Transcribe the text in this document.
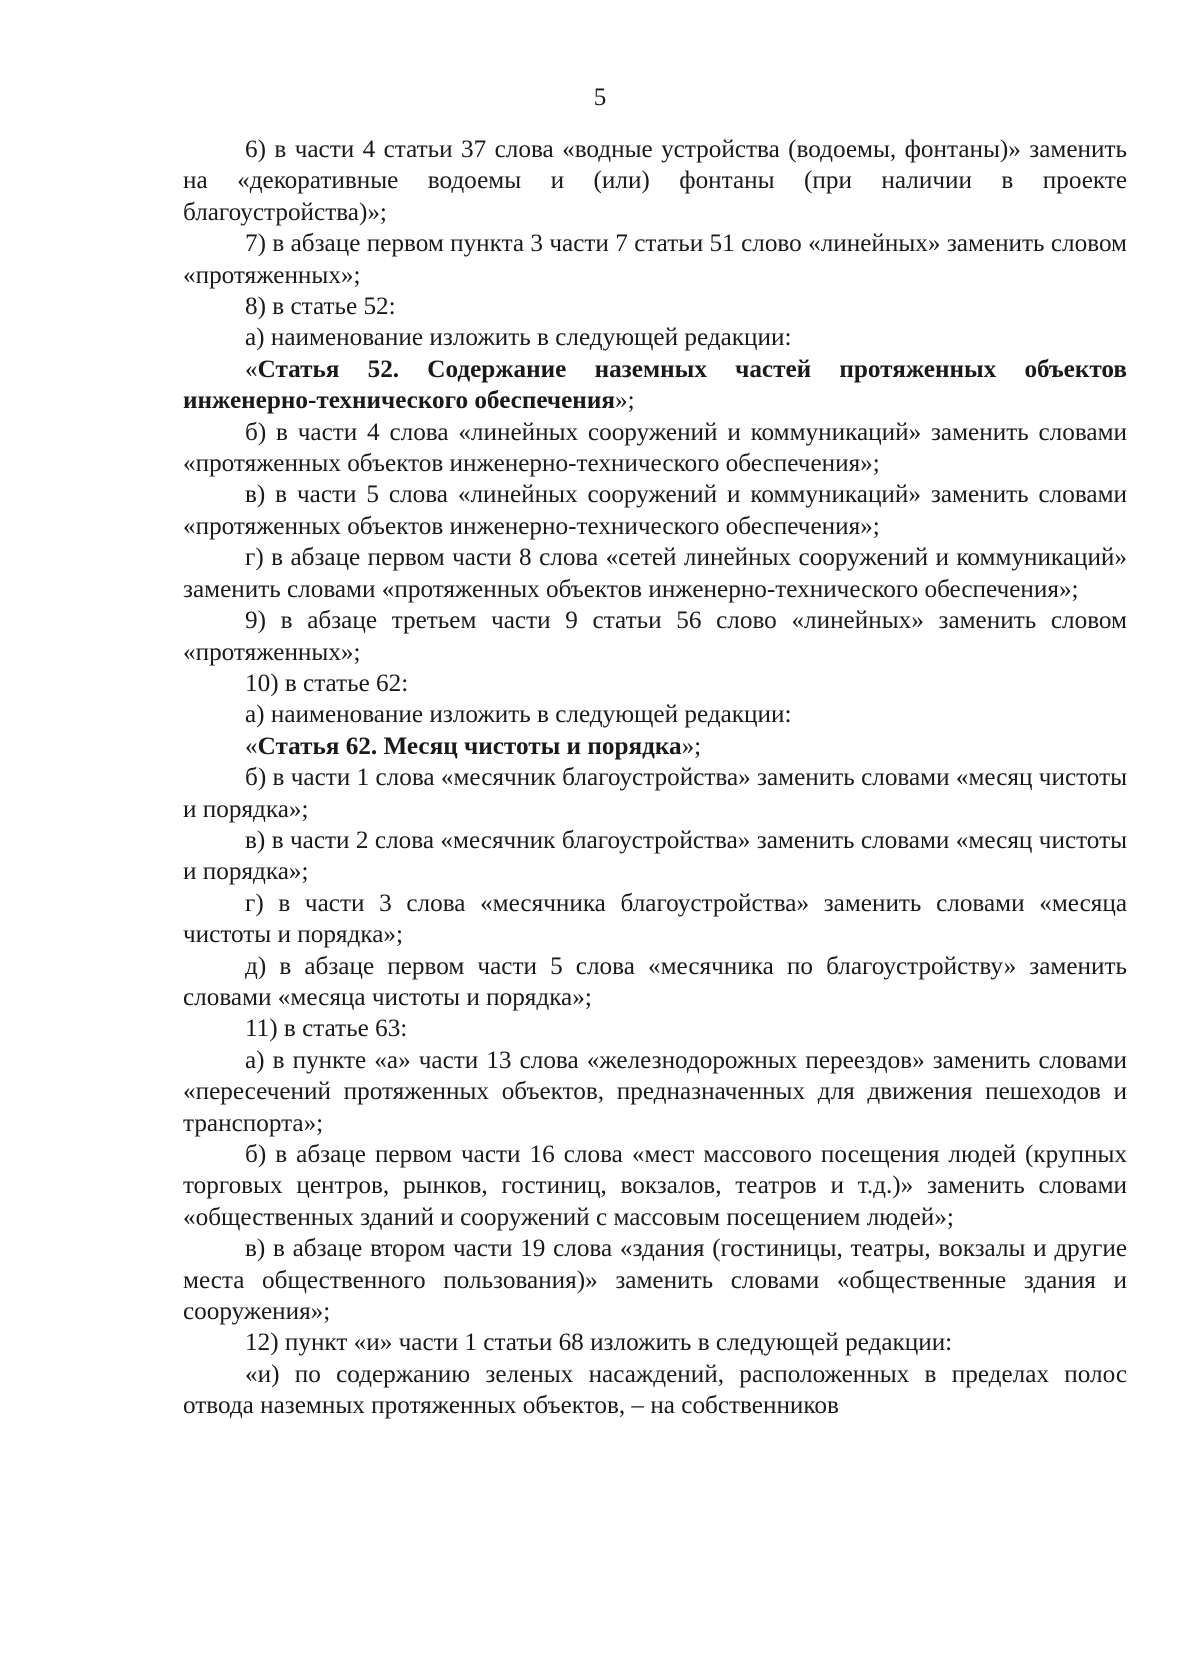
5

6) в части 4 статьи 37 слова «водные устройства (водоемы, фонтаны)» заменить на «декоративные водоемы и (или) фонтаны (при наличии в проекте благоустройства)»;

7) в абзаце первом пункта 3 части 7 статьи 51 слово «линейных» заменить словом «протяженных»;

8) в статье 52:

а) наименование изложить в следующей редакции:

«Статья 52. Содержание наземных частей протяженных объектов инженерно-технического обеспечения»;

б) в части 4 слова «линейных сооружений и коммуникаций» заменить словами «протяженных объектов инженерно-технического обеспечения»;

в) в части 5 слова «линейных сооружений и коммуникаций» заменить словами «протяженных объектов инженерно-технического обеспечения»;

г) в абзаце первом части 8 слова «сетей линейных сооружений и коммуникаций» заменить словами «протяженных объектов инженерно-технического обеспечения»;

9) в абзаце третьем части 9 статьи 56 слово «линейных» заменить словом «протяженных»;

10) в статье 62:

а) наименование изложить в следующей редакции:

«Статья 62. Месяц чистоты и порядка»;

б) в части 1 слова «месячник благоустройства» заменить словами «месяц чистоты и порядка»;

в) в части 2 слова «месячник благоустройства» заменить словами «месяц чистоты и порядка»;

г) в части 3 слова «месячника благоустройства» заменить словами «месяца чистоты и порядка»;

д) в абзаце первом части 5 слова «месячника по благоустройству» заменить словами «месяца чистоты и порядка»;

11) в статье 63:

а) в пункте «а» части 13 слова «железнодорожных переездов» заменить словами «пересечений протяженных объектов, предназначенных для движения пешеходов и транспорта»;

б) в абзаце первом части 16 слова «мест массового посещения людей (крупных торговых центров, рынков, гостиниц, вокзалов, театров и т.д.)» заменить словами «общественных зданий и сооружений с массовым посещением людей»;

в) в абзаце втором части 19 слова «здания (гостиницы, театры, вокзалы и другие места общественного пользования)» заменить словами «общественные здания и сооружения»;

12) пункт «и» части 1 статьи 68 изложить в следующей редакции:

«и) по содержанию зеленых насаждений, расположенных в пределах полос отвода наземных протяженных объектов, – на собственников
